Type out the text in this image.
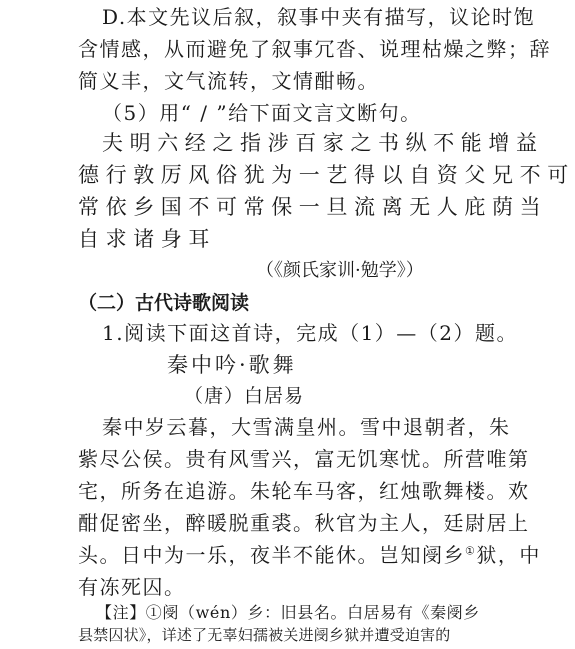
D.本文先议后叙，叙事中夹有描写，议论时饱
含情感，从而避免了叙事冗沓、说理枯燥之弊；辞
简义丰，文气流转，文情酣畅。
（5）用“ / ”给下面文言文断句。
夫明六经之指涉百家之书纵不能增益
德行敦厉风俗犹为一艺得以自资父兄不可
常依乡国不可常保一旦流离无人庇荫当
自求诸身耳
（《颜氏家训·勉学》）
（二）古代诗歌阅读
1.阅读下面这首诗，完成（1）—（2）题。
秦中吟·歌舞
（唐）白居易
秦中岁云暮，大雪满皇州。雪中退朝者，朱
紫尽公侯。贵有风雪兴，富无饥寒忧。所营唯第
宅，所务在追游。朱轮车马客，红烛歌舞楼。欢
酣促密坐，醉暖脱重裘。秋官为主人，廷尉居上
头。日中为一乐，夜半不能休。岂知阌乡①狱，中
有冻死囚。
【注】①阌（wén）乡：旧县名。白居易有《秦阌乡
县禁囚状》，详述了无辜妇孺被关进阌乡狱并遭受迫害的
